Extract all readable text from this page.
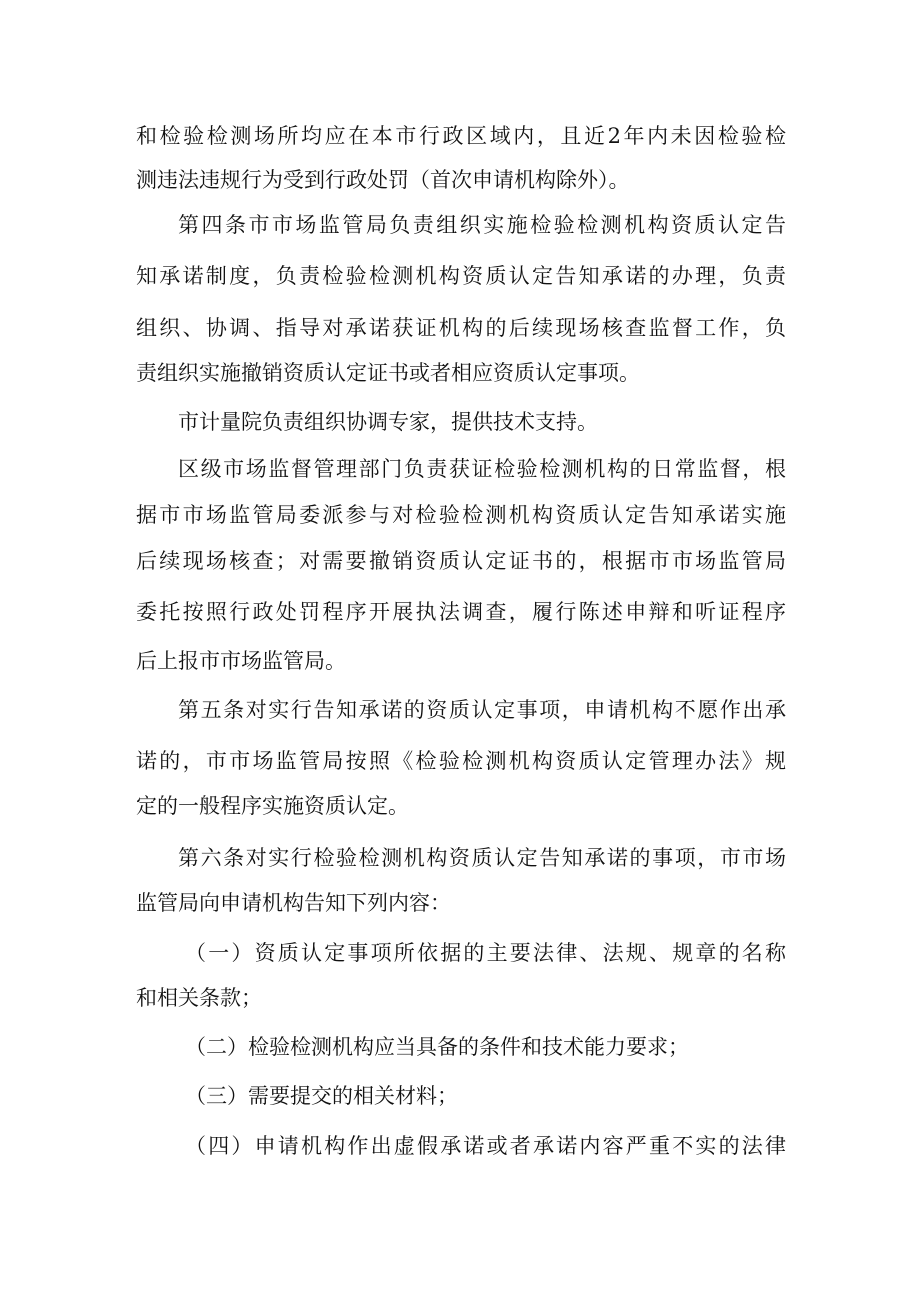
和检验检测场所均应在本市行政区域内，且近2年内未因检验检
测违法违规行为受到行政处罚（首次申请机构除外）。
第四条市市场监管局负责组织实施检验检测机构资质认定告
知承诺制度，负责检验检测机构资质认定告知承诺的办理，负责
组织、协调、指导对承诺获证机构的后续现场核查监督工作，负
责组织实施撤销资质认定证书或者相应资质认定事项。
市计量院负责组织协调专家，提供技术支持。
区级市场监督管理部门负责获证检验检测机构的日常监督，根
据市市场监管局委派参与对检验检测机构资质认定告知承诺实施
后续现场核查；对需要撤销资质认定证书的，根据市市场监管局
委托按照行政处罚程序开展执法调查，履行陈述申辩和听证程序
后上报市市场监管局。
第五条对实行告知承诺的资质认定事项，申请机构不愿作出承
诺的，市市场监管局按照《检验检测机构资质认定管理办法》规
定的一般程序实施资质认定。
第六条对实行检验检测机构资质认定告知承诺的事项，市市场
监管局向申请机构告知下列内容：
（一）资质认定事项所依据的主要法律、法规、规章的名称
和相关条款；
（二）检验检测机构应当具备的条件和技术能力要求；
（三）需要提交的相关材料；
（四）申请机构作出虚假承诺或者承诺内容严重不实的法律
